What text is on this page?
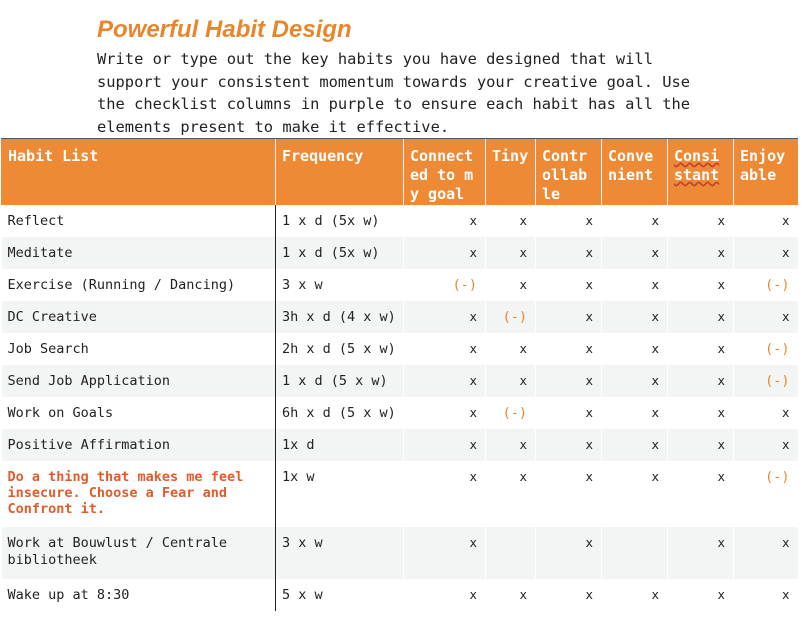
Powerful Habit Design

Write or type out the key habits you have designed that will support your consistent momentum towards your creative goal. Use the checklist columns in purple to ensure each habit has all the elements present to make it effective.

Habit List	Frequency	Connected to my goal	Tiny	Controllable	Convenient	Consistant	Enjoyable
Reflect	1 x d (5x w)	x	x	x	x	x	x
Meditate	1 x d (5x w)	x	x	x	x	x	x
Exercise (Running / Dancing)	3 x w	(-)	x	x	x	x	(-)
DC Creative	3h x d (4 x w)	x	(-)	x	x	x	x
Job Search	2h x d (5 x w)	x	x	x	x	x	(-)
Send Job Application	1 x d (5 x w)	x	x	x	x	x	(-)
Work on Goals	6h x d (5 x w)	x	(-)	x	x	x	x
Positive Affirmation	1x d	x	x	x	x	x	x
Do a thing that makes me feel insecure. Choose a Fear and Confront it.	1x w	x	x	x	x	x	(-)
Work at Bouwlust / Centrale bibliotheek	3 x w	x		x		x	x
Wake up at 8:30	5 x w	x	x	x	x	x	x
